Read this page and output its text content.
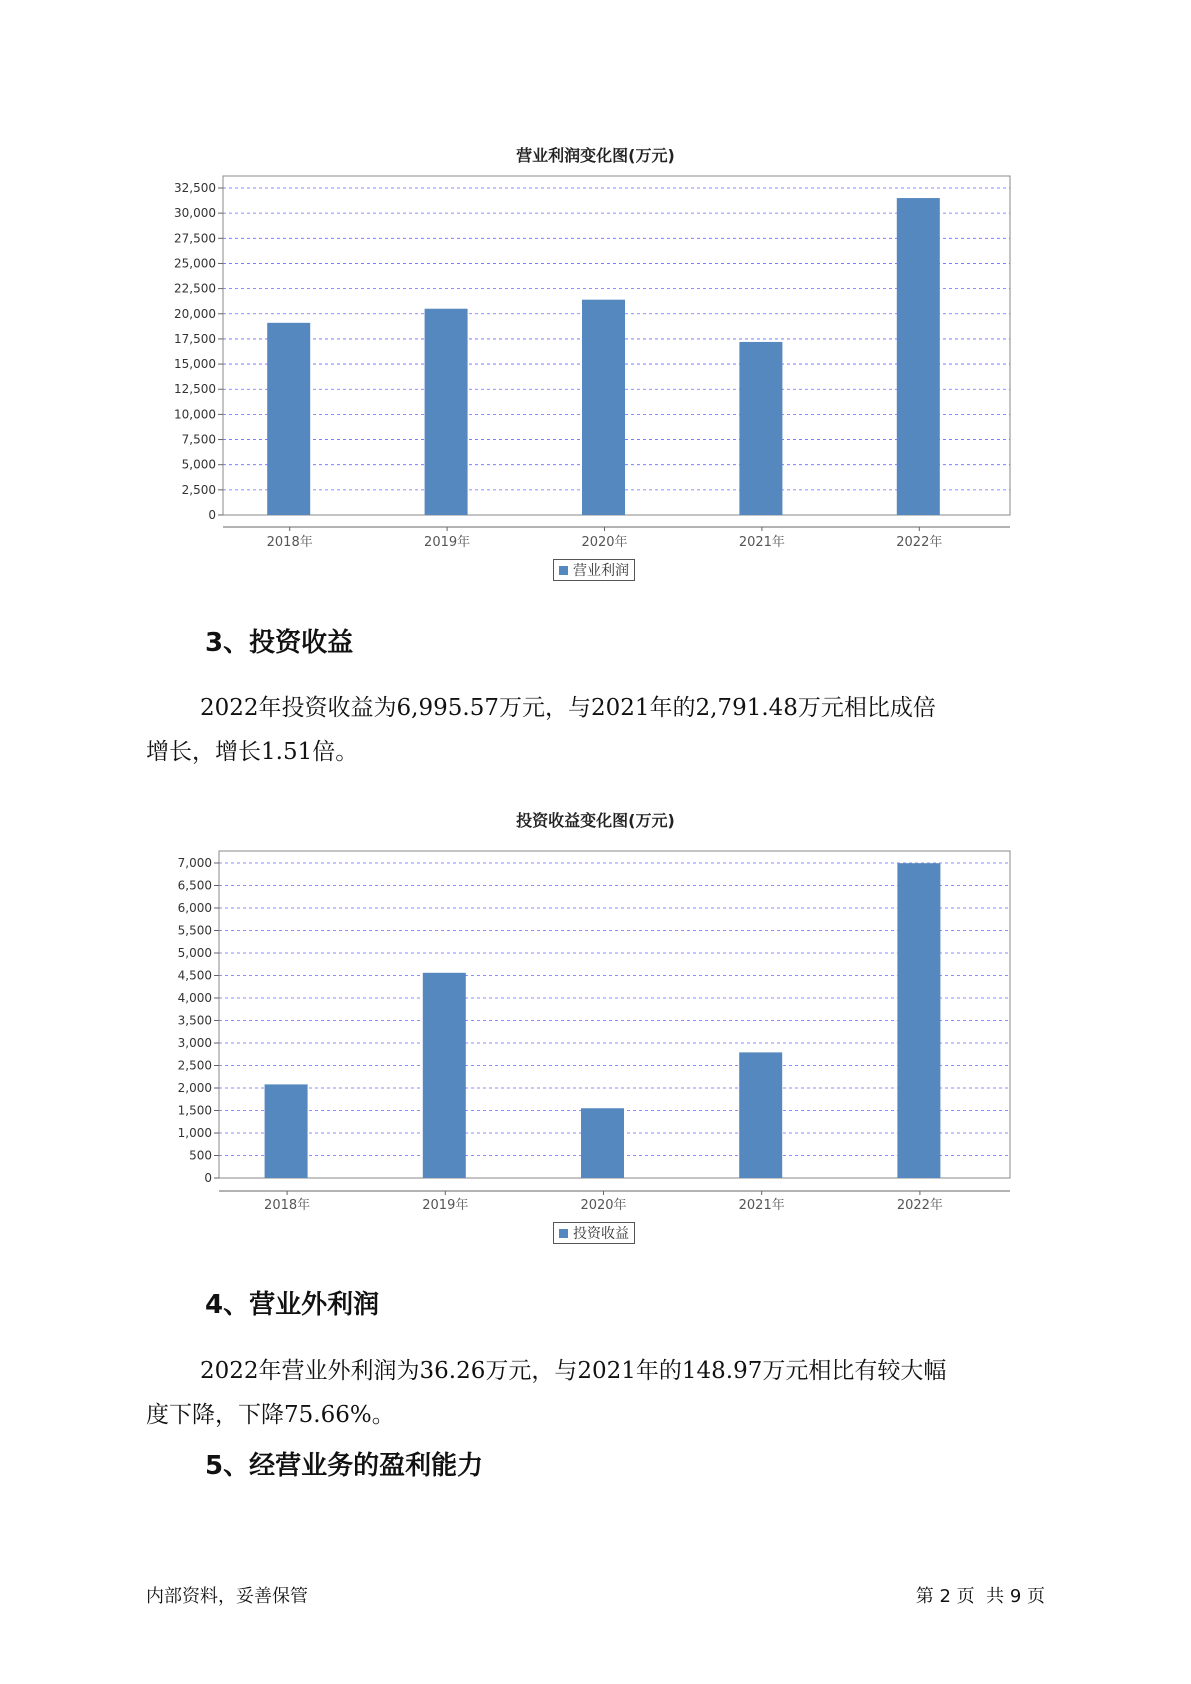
营业利润变化图(万元)
0
2,500
5,000
7,500
10,000
12,500
15,000
17,500
20,000
22,500
25,000
27,500
30,000
32,500
2018年	2019年	2020年	2021年	2022年
营业利润
3、投资收益
2022年投资收益为6,995.57万元，与2021年的2,791.48万元相比成倍
增长，增长1.51倍。
投资收益变化图(万元)
0
500
1,000
1,500
2,000
2,500
3,000
3,500
4,000
4,500
5,000
5,500
6,000
6,500
7,000
2018年	2019年	2020年	2021年	2022年
投资收益
4、营业外利润
2022年营业外利润为36.26万元，与2021年的148.97万元相比有较大幅
度下降，下降75.66%。
5、经营业务的盈利能力
内部资料，妥善保管	第 2 页  共 9 页
